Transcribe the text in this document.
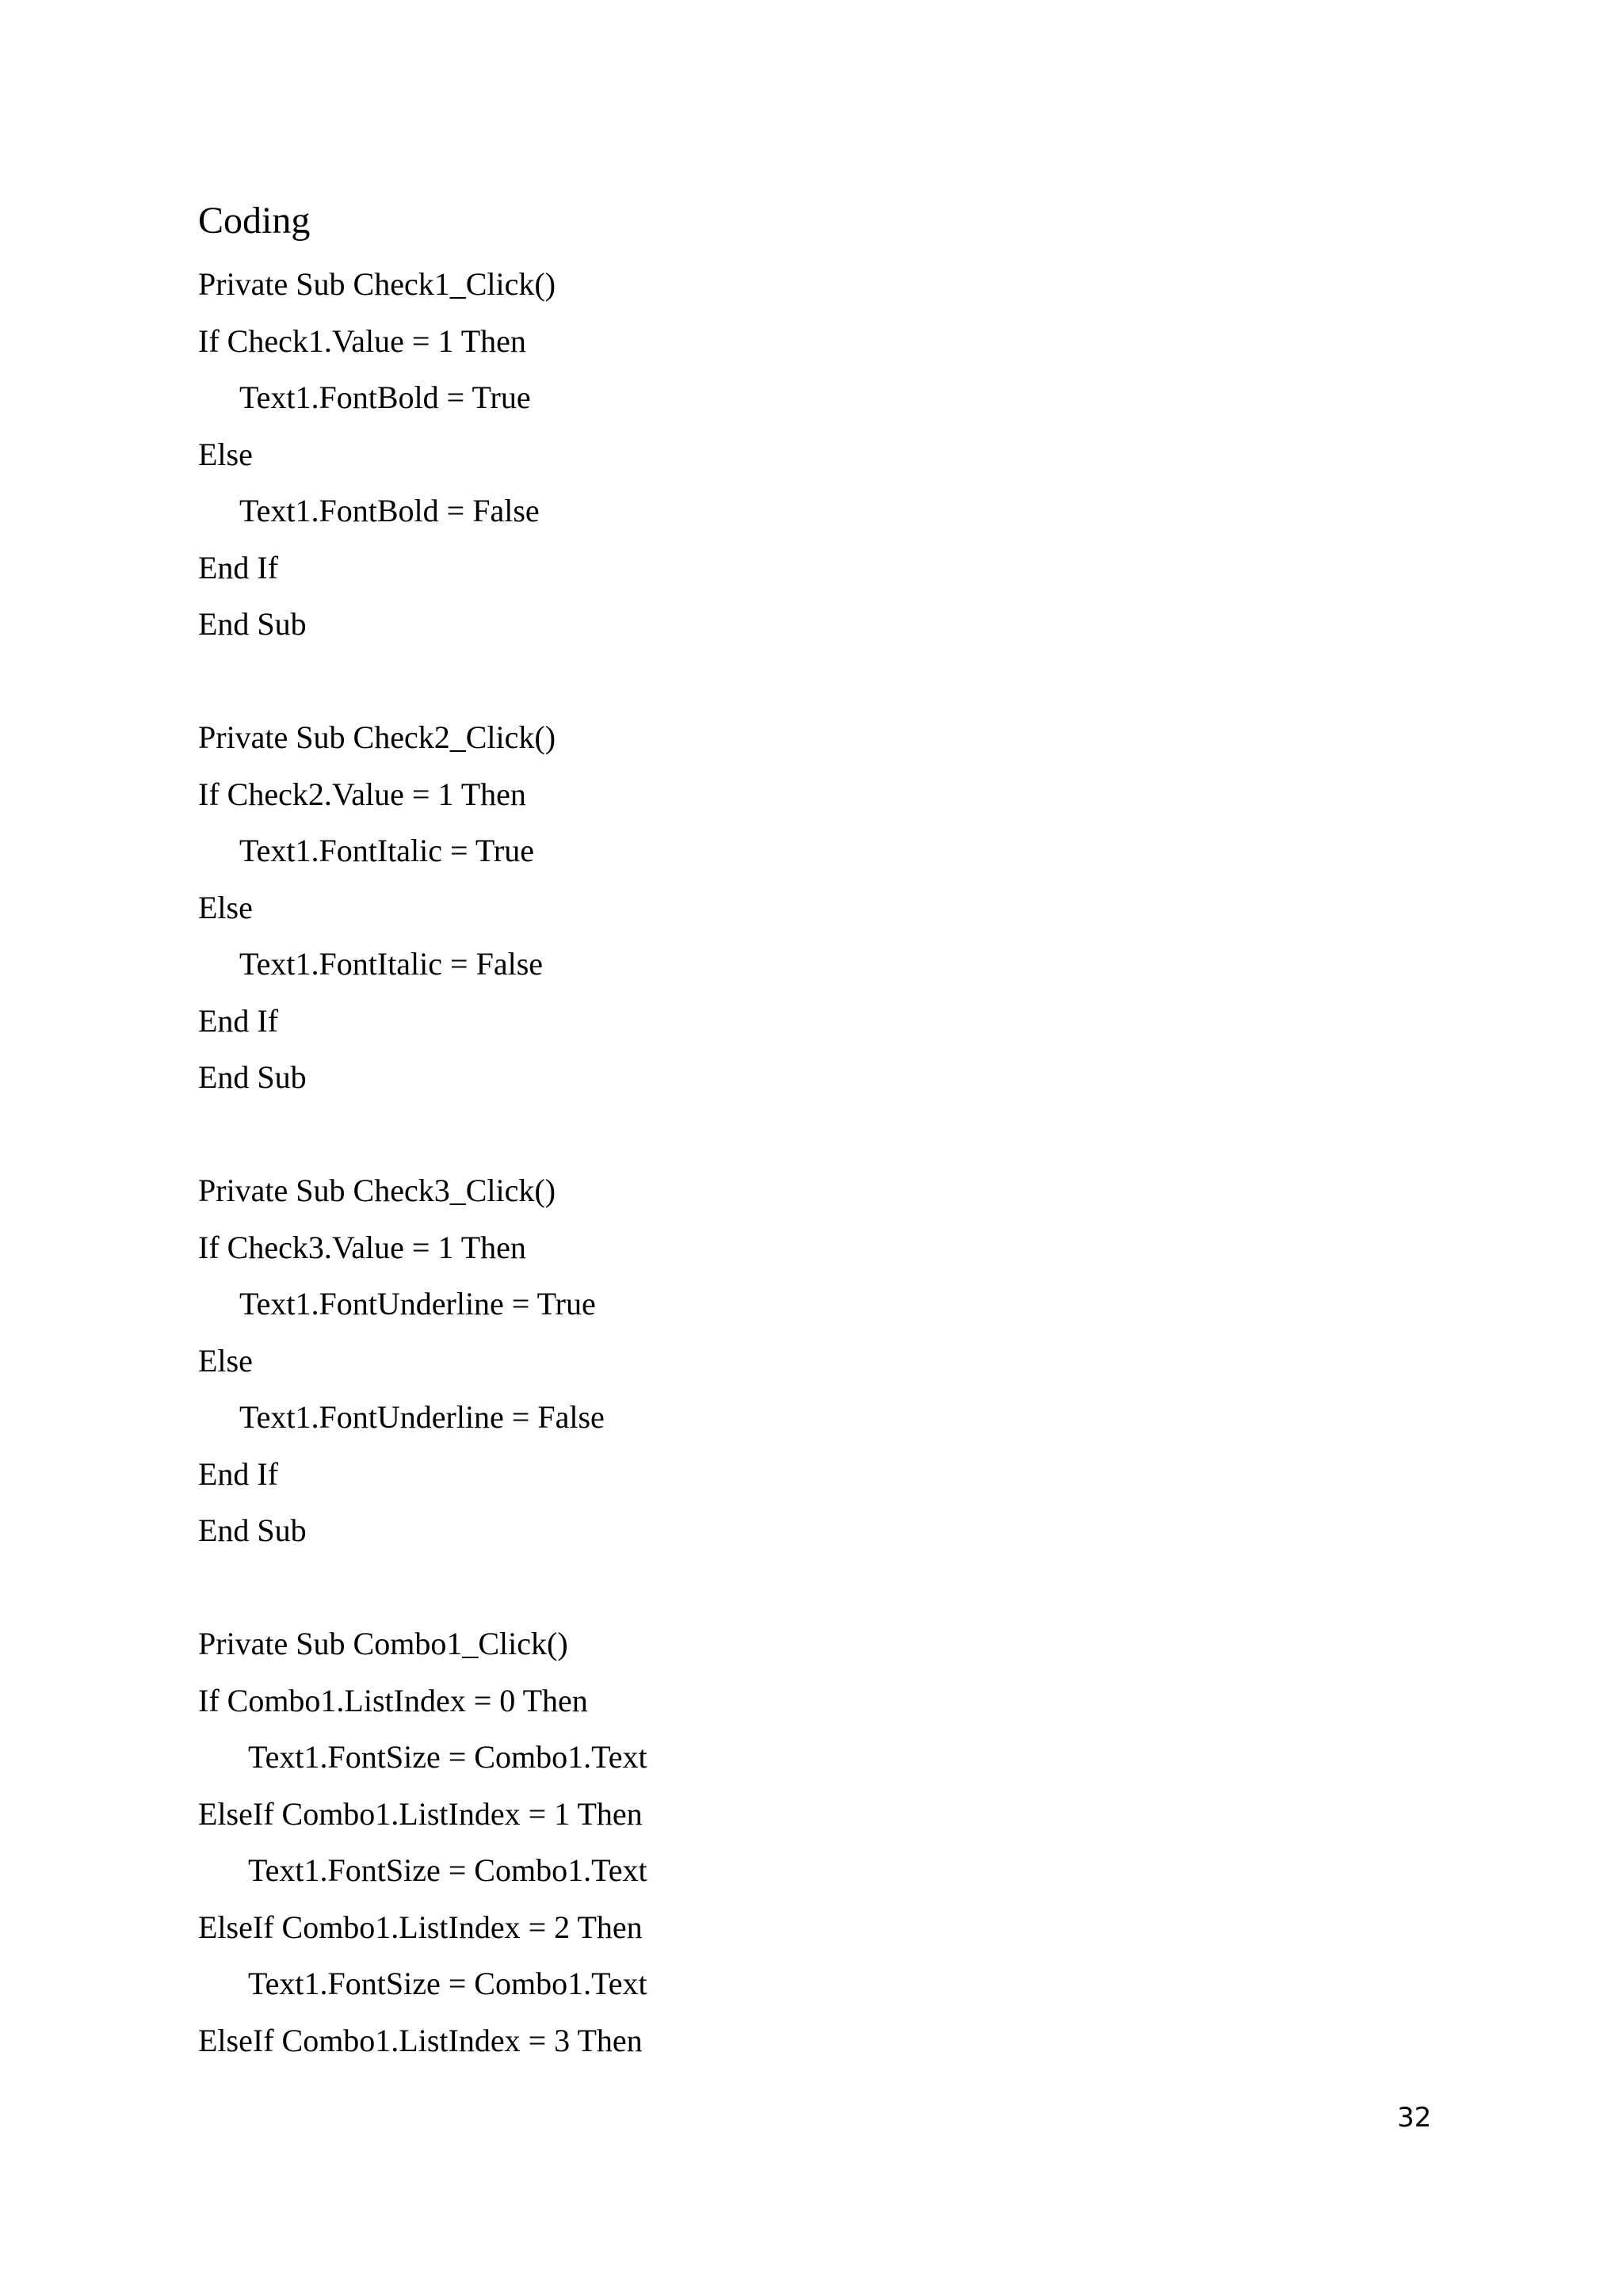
Coding
Private Sub Check1_Click()
If Check1.Value = 1 Then
Text1.FontBold = True
Else
Text1.FontBold = False
End If
End Sub
Private Sub Check2_Click()
If Check2.Value = 1 Then
Text1.FontItalic = True
Else
Text1.FontItalic = False
End If
End Sub
Private Sub Check3_Click()
If Check3.Value = 1 Then
Text1.FontUnderline = True
Else
Text1.FontUnderline = False
End If
End Sub
Private Sub Combo1_Click()
If Combo1.ListIndex = 0 Then
Text1.FontSize = Combo1.Text
ElseIf Combo1.ListIndex = 1 Then
Text1.FontSize = Combo1.Text
ElseIf Combo1.ListIndex = 2 Then
Text1.FontSize = Combo1.Text
ElseIf Combo1.ListIndex = 3 Then
32
